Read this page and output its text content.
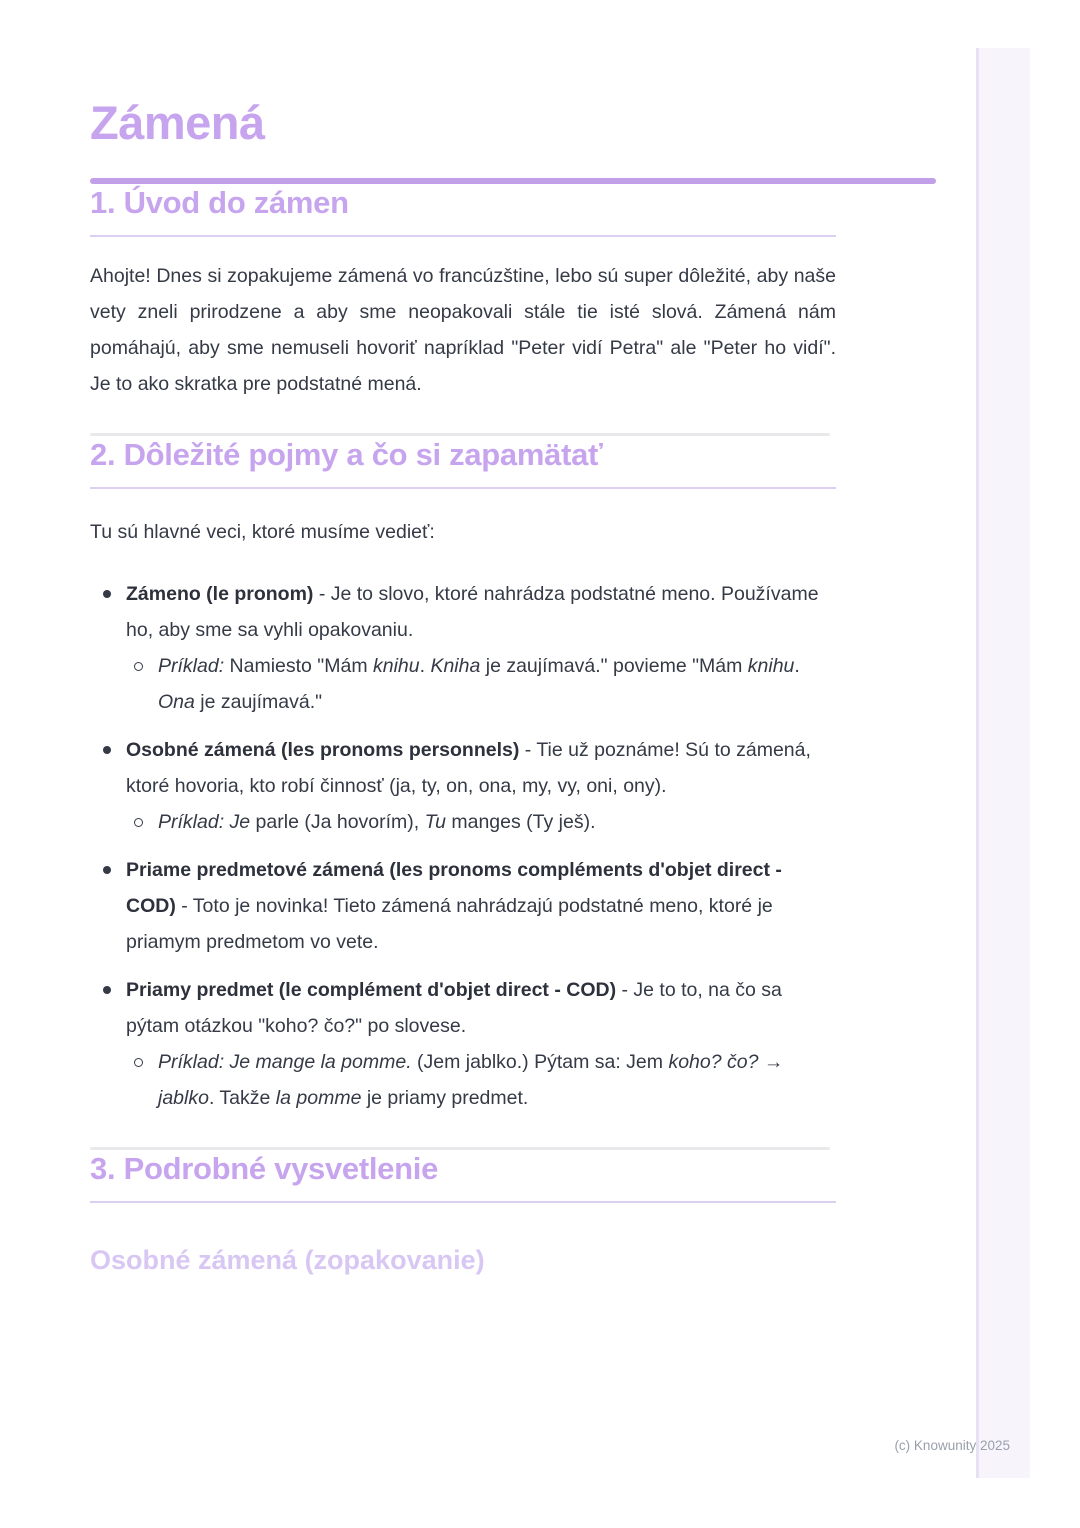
Zámená
1. Úvod do zámen

Ahojte! Dnes si zopakujeme zámená vo francúzštine, lebo sú super dôležité, aby naše vety zneli prirodzene a aby sme neopakovali stále tie isté slová. Zámená nám pomáhajú, aby sme nemuseli hovoriť napríklad "Peter vidí Petra" ale "Peter ho vidí". Je to ako skratka pre podstatné mená.

2. Dôležité pojmy a čo si zapamätať

Tu sú hlavné veci, ktoré musíme vedieť:

Zámeno (le pronom) - Je to slovo, ktoré nahrádza podstatné meno. Používame ho, aby sme sa vyhli opakovaniu.
Príklad: Namiesto "Mám knihu. Kniha je zaujímavá." povieme "Mám knihu. Ona je zaujímavá."
Osobné zámená (les pronoms personnels) - Tie už poznáme! Sú to zámená, ktoré hovoria, kto robí činnosť (ja, ty, on, ona, my, vy, oni, ony).
Príklad: Je parle (Ja hovorím), Tu manges (Ty ješ).
Priame predmetové zámená (les pronoms compléments d'objet direct - COD) - Toto je novinka! Tieto zámená nahrádzajú podstatné meno, ktoré je priamym predmetom vo vete.
Priamy predmet (le complément d'objet direct - COD) - Je to to, na čo sa pýtam otázkou "koho? čo?" po slovese.
Príklad: Je mange la pomme. (Jem jablko.) Pýtam sa: Jem koho? čo? → jablko. Takže la pomme je priamy predmet.
3. Podrobné vysvetlenie
Osobné zámená (zopakovanie)
(c) Knowunity 2025
